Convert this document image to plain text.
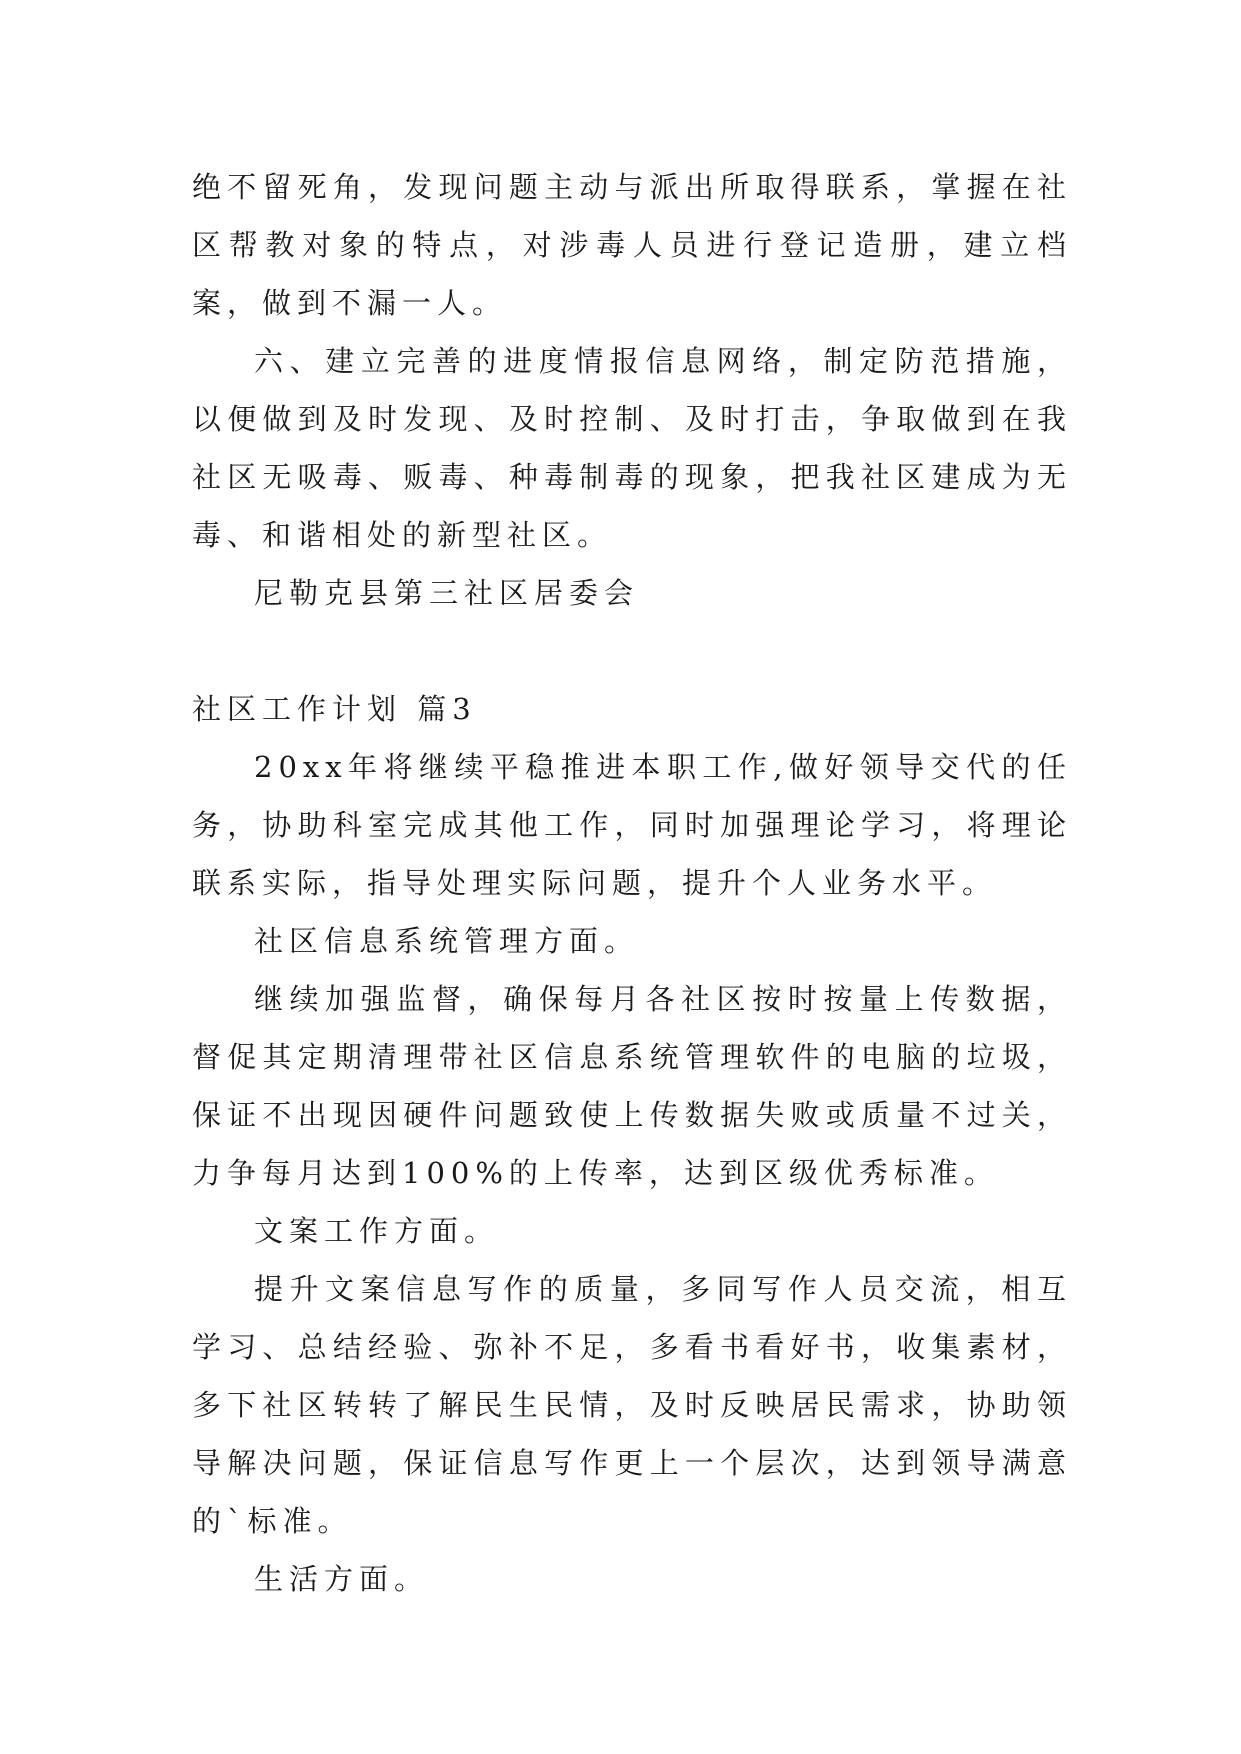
绝不留死角，发现问题主动与派出所取得联系，掌握在社区帮教对象的特点，对涉毒人员进行登记造册，建立档案，做到不漏一人。

六、建立完善的进度情报信息网络，制定防范措施，以便做到及时发现、及时控制、及时打击，争取做到在我社区无吸毒、贩毒、种毒制毒的现象，把我社区建成为无毒、和谐相处的新型社区。

尼勒克县第三社区居委会

社区工作计划 篇3

20xx年将继续平稳推进本职工作,做好领导交代的任务，协助科室完成其他工作，同时加强理论学习，将理论联系实际，指导处理实际问题，提升个人业务水平。

社区信息系统管理方面。

继续加强监督，确保每月各社区按时按量上传数据，督促其定期清理带社区信息系统管理软件的电脑的垃圾，保证不出现因硬件问题致使上传数据失败或质量不过关， 力争每月达到100%的上传率，达到区级优秀标准。

文案工作方面。

提升文案信息写作的质量，多同写作人员交流，相互学习、总结经验、弥补不足，多看书看好书，收集素材，多下社区转转了解民生民情，及时反映居民需求，协助领导解决问题，保证信息写作更上一个层次，达到领导满意的`标准。

生活方面。
